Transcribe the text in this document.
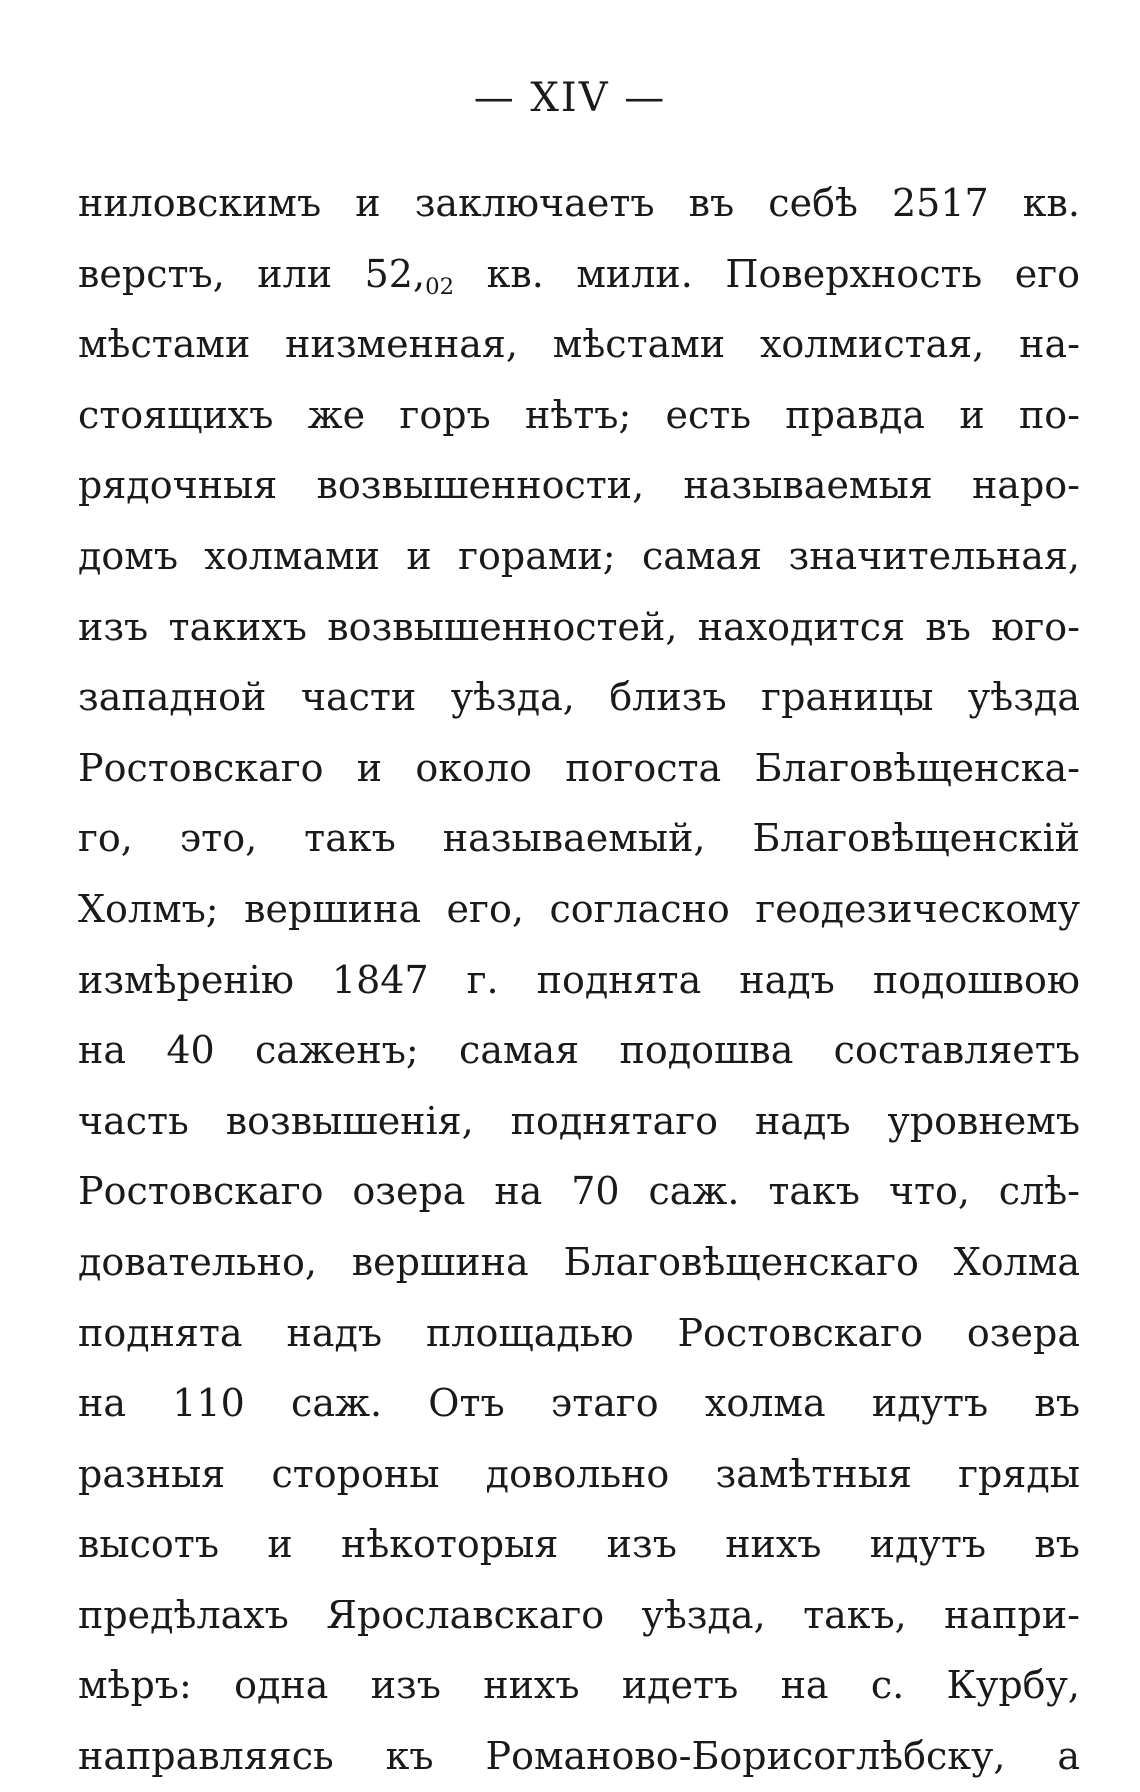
— XIV —
ниловскимъ и заключаетъ въ себѣ 2517 кв.
верстъ, или $52,_{02}$ кв. мили. Поверхность его
мѣстами низменная, мѣстами холмистая, на-
стоящихъ же горъ нѣтъ; есть правда и по-
рядочныя возвышенности, называемыя наро-
домъ холмами и горами; самая значительная,
изъ такихъ возвышенностей, находится въ юго-
западной части уѣзда, близъ границы уѣзда
Ростовскаго и около погоста Благовѣщенска-
го, это, такъ называемый, Благовѣщенскій
Холмъ; вершина его, согласно геодезическому
измѣренію 1847 г. поднята надъ подошвою
на 40 саженъ; самая подошва составляетъ
часть возвышенія, поднятаго надъ уровнемъ
Ростовскаго озера на 70 саж. такъ что, слѣ-
довательно, вершина Благовѣщенскаго Холма
поднята надъ площадью Ростовскаго озера
на 110 саж. Отъ этаго холма идутъ въ
разныя стороны довольно замѣтныя гряды
высотъ и нѣкоторыя изъ нихъ идутъ въ
предѣлахъ Ярославскаго уѣзда, такъ, напри-
мѣръ: одна изъ нихъ идетъ на с. Курбу,
направляясь къ Романово-Борисоглѣбску, а
